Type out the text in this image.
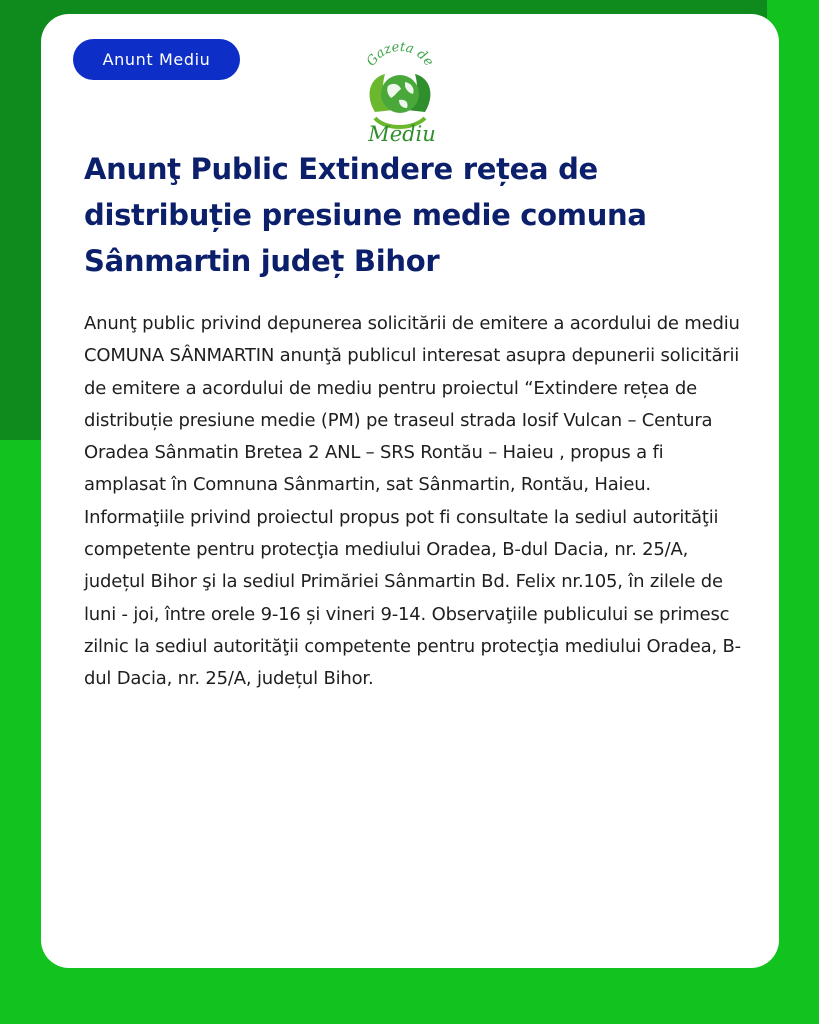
Anunt Mediu	Gazeta de
Mediu
Anunţ Public Extindere rețea de distribuție presiune medie comuna Sânmartin județ Bihor

Anunţ public privind depunerea solicitării de emitere a acordului de mediu COMUNA SÂNMARTIN anunţă publicul interesat asupra depunerii solicitării de emitere a acordului de mediu pentru proiectul “Extindere rețea de distribuție presiune medie (PM) pe traseul strada Iosif Vulcan – Centura Oradea Sânmatin Bretea 2 ANL – SRS Rontău – Haieu , propus a fi amplasat în Comnuna Sânmartin, sat Sânmartin, Rontău, Haieu. Informaţiile privind proiectul propus pot fi consultate la sediul autorităţii competente pentru protecţia mediului Oradea, B-dul Dacia, nr. 25/A, județul Bihor şi la sediul Primăriei Sânmartin Bd. Felix nr.105, în zilele de luni - joi, între orele 9-16 și vineri 9-14. Observaţiile publicului se primesc zilnic la sediul autorităţii competente pentru protecţia mediului Oradea, B-dul Dacia, nr. 25/A, județul Bihor.
